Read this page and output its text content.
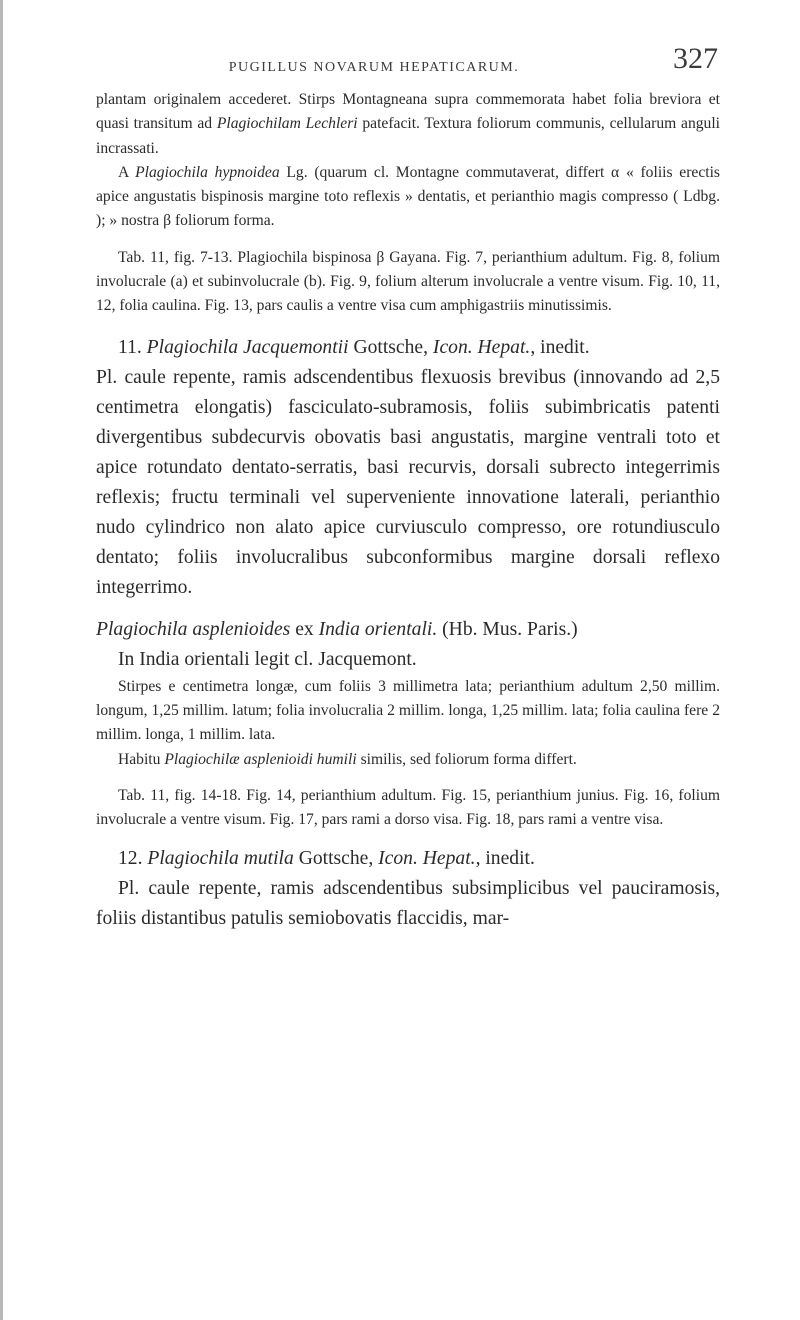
PUGILLUS NOVARUM HEPATICARUM.	327

plantam originalem accederet. Stirps Montagneana supra commemorata habet folia breviora et quasi transitum ad Plagiochilam Lechleri patefacit. Textura foliorum communis, cellularum anguli incrassati.

A Plagiochila hypnoidea Lg. (quarum cl. Montagne commutaverat, differt α « foliis erectis apice angustatis bispinosis margine toto reflexis » dentatis, et perianthio magis compresso ( Ldbg. ); » nostra β foliorum forma.

Tab. 11, fig. 7-13. Plagiochila bispinosa β Gayana. Fig. 7, perianthium adultum. Fig. 8, folium involucrale (a) et subinvolucrale (b). Fig. 9, folium alterum involucrale a ventre visum. Fig. 10, 11, 12, folia caulina. Fig. 13, pars caulis a ventre visa cum amphigastriis minutissimis.

11. Plagiochila Jacquemontii Gottsche, Icon. Hepat., inedit.

Pl. caule repente, ramis adscendentibus flexuosis brevibus (innovando ad 2,5 centimetra elongatis) fasciculato-subramosis, foliis subimbricatis patenti divergentibus subdecurvis obovatis basi angustatis, margine ventrali toto et apice rotundato dentato-serratis, basi recurvis, dorsali subrecto integerrimis reflexis; fructu terminali vel superveniente innovatione laterali, perianthio nudo cylindrico non alato apice curviusculo compresso, ore rotundiusculo dentato; foliis involucralibus subconformibus margine dorsali reflexo integerrimo.

Plagiochila asplenioides ex India orientali. (Hb. Mus. Paris.)

In India orientali legit cl. Jacquemont.

Stirpes e centimetra longæ, cum foliis 3 millimetra lata; perianthium adultum 2,50 millim. longum, 1,25 millim. latum; folia involucralia 2 millim. longa, 1,25 millim. lata; folia caulina fere 2 millim. longa, 1 millim. lata.

Habitu Plagiochilæ asplenioidi humili similis, sed foliorum forma differt.

Tab. 11, fig. 14-18. Fig. 14, perianthium adultum. Fig. 15, perianthium junius. Fig. 16, folium involucrale a ventre visum. Fig. 17, pars rami a dorso visa. Fig. 18, pars rami a ventre visa.

12. Plagiochila mutila Gottsche, Icon. Hepat., inedit.

Pl. caule repente, ramis adscendentibus subsimplicibus vel pauciramosis, foliis distantibus patulis semiobovatis flaccidis, mar-
